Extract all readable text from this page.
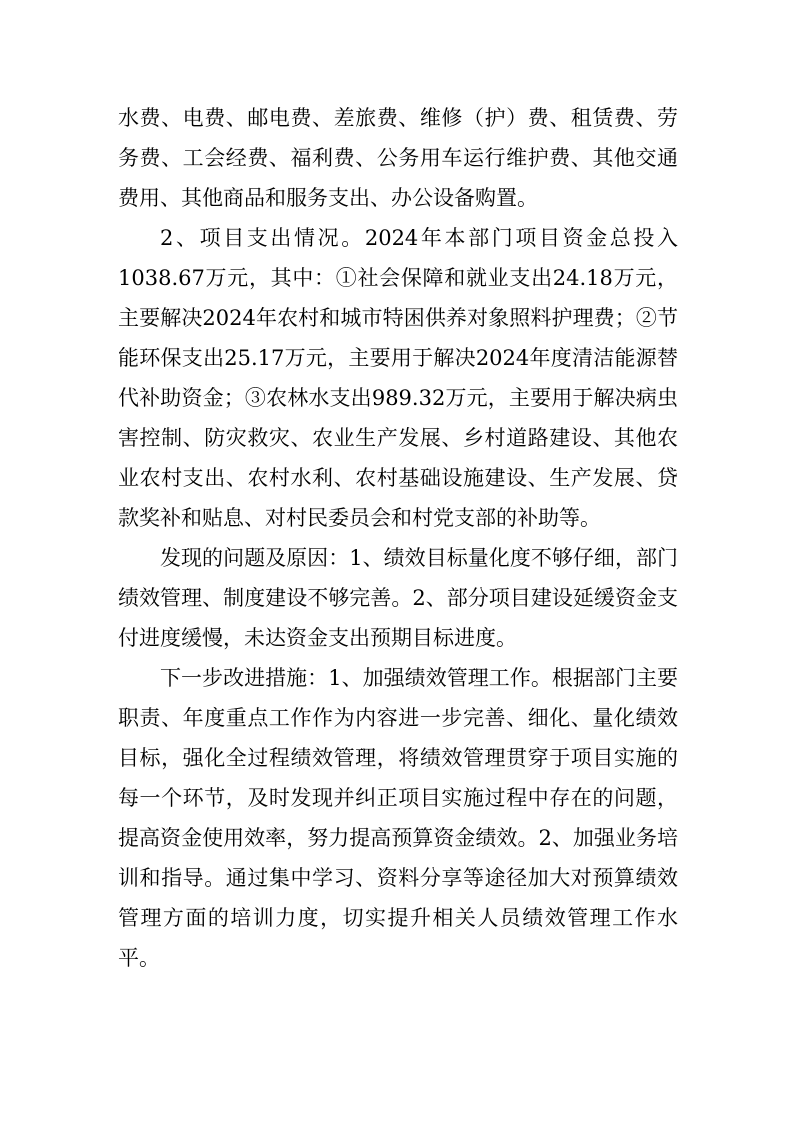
水费、电费、邮电费、差旅费、维修（护）费、租赁费、劳务费、工会经费、福利费、公务用车运行维护费、其他交通费用、其他商品和服务支出、办公设备购置。

2、项目支出情况。2024年本部门项目资金总投入1038.67万元，其中：①社会保障和就业支出24.18万元，主要解决2024年农村和城市特困供养对象照料护理费；②节能环保支出25.17万元，主要用于解决2024年度清洁能源替代补助资金；③农林水支出989.32万元，主要用于解决病虫害控制、防灾救灾、农业生产发展、乡村道路建设、其他农业农村支出、农村水利、农村基础设施建设、生产发展、贷款奖补和贴息、对村民委员会和村党支部的补助等。

发现的问题及原因：1、绩效目标量化度不够仔细，部门绩效管理、制度建设不够完善。2、部分项目建设延缓资金支付进度缓慢，未达资金支出预期目标进度。

下一步改进措施：1、加强绩效管理工作。根据部门主要职责、年度重点工作作为内容进一步完善、细化、量化绩效目标，强化全过程绩效管理，将绩效管理贯穿于项目实施的每一个环节，及时发现并纠正项目实施过程中存在的问题，提高资金使用效率，努力提高预算资金绩效。2、加强业务培训和指导。通过集中学习、资料分享等途径加大对预算绩效管理方面的培训力度，切实提升相关人员绩效管理工作水平。
